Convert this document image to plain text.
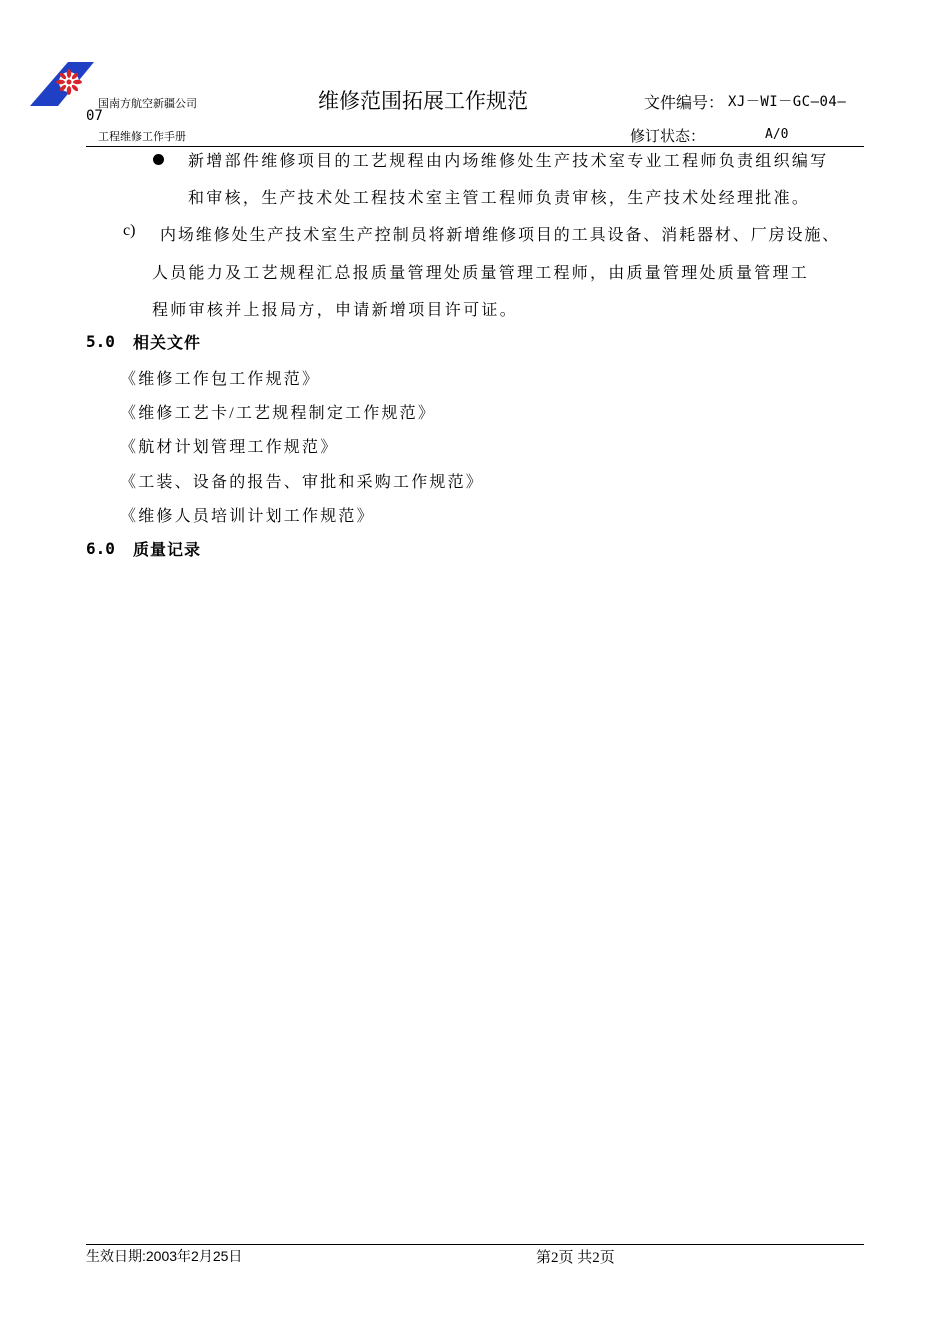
国南方航空新疆公司	维修范围拓展工作规范	文件编号： XJ－WI－GC—04—
07
工程维修工作手册	修订状态：	A/0
新增部件维修项目的工艺规程由内场维修处生产技术室专业工程师负责组织编写
和审核，生产技术处工程技术室主管工程师负责审核，生产技术处经理批准。
c) 内场维修处生产技术室生产控制员将新增维修项目的工具设备、消耗器材、厂房设施、
人员能力及工艺规程汇总报质量管理处质量管理工程师，由质量管理处质量管理工
程师审核并上报局方，申请新增项目许可证。
5.0 相关文件
《维修工作包工作规范》
《维修工艺卡/工艺规程制定工作规范》
《航材计划管理工作规范》
《工装、设备的报告、审批和采购工作规范》
《维修人员培训计划工作规范》
6.0 质量记录
生效日期:2003年2月25日	第2页 共2页
